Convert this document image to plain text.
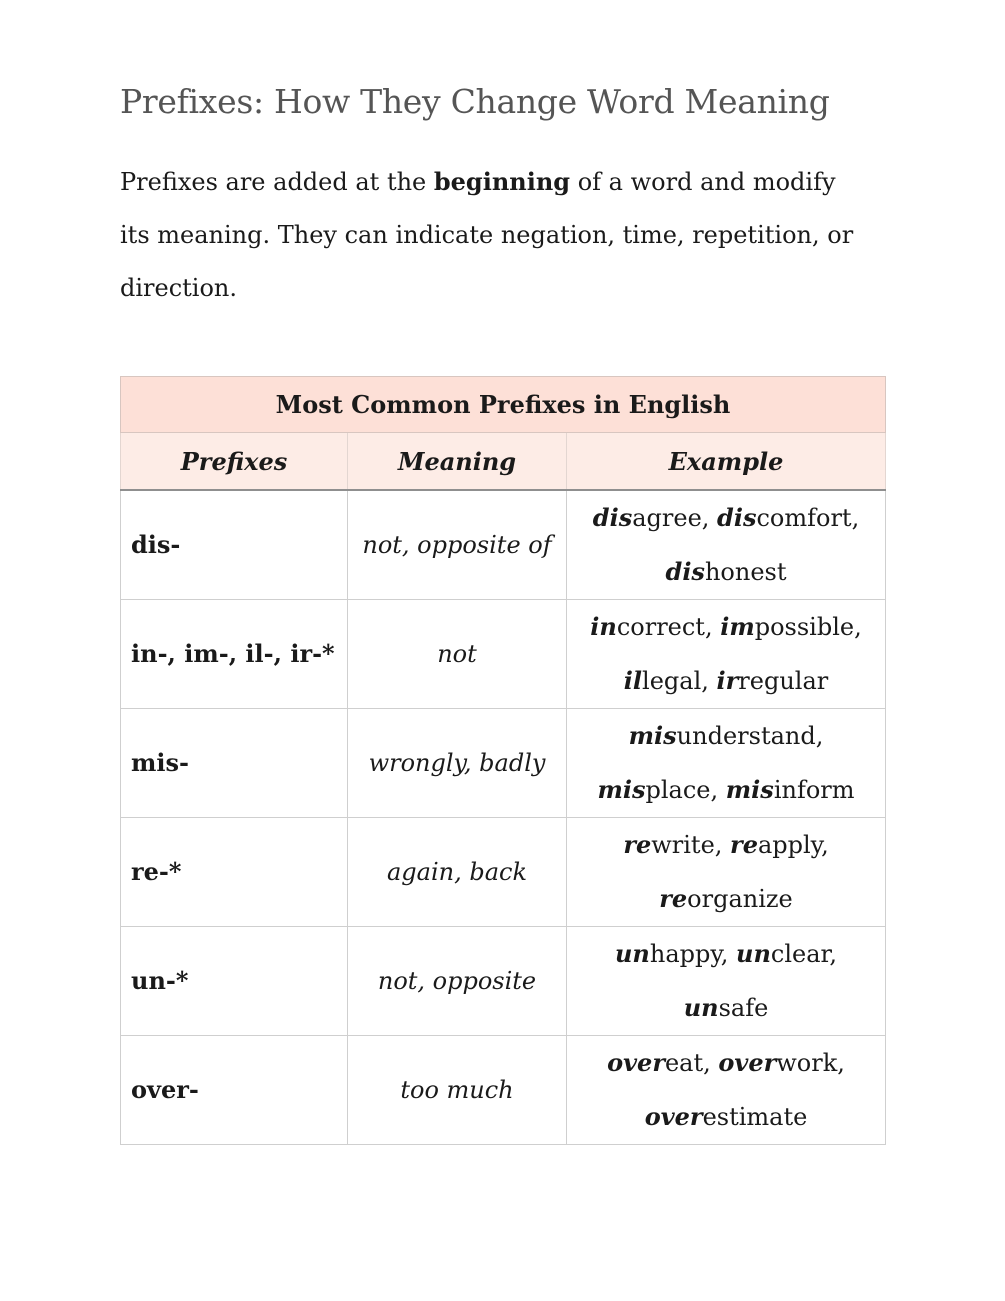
Prefixes: How They Change Word Meaning

Prefixes are added at the beginning of a word and modify its meaning. They can indicate negation, time, repetition, or direction.

Most Common Prefixes in English		
Prefixes	Meaning	Example
dis-	not, opposite of	disagree, discomfort, dishonest
in-, im-, il-, ir-*	not	incorrect, impossible, illegal, irregular
mis-	wrongly, badly	misunderstand, misplace, misinform
re-*	again, back	rewrite, reapply, reorganize
un-*	not, opposite	unhappy, unclear, unsafe
over-	too much	overeat, overwork, overestimate
